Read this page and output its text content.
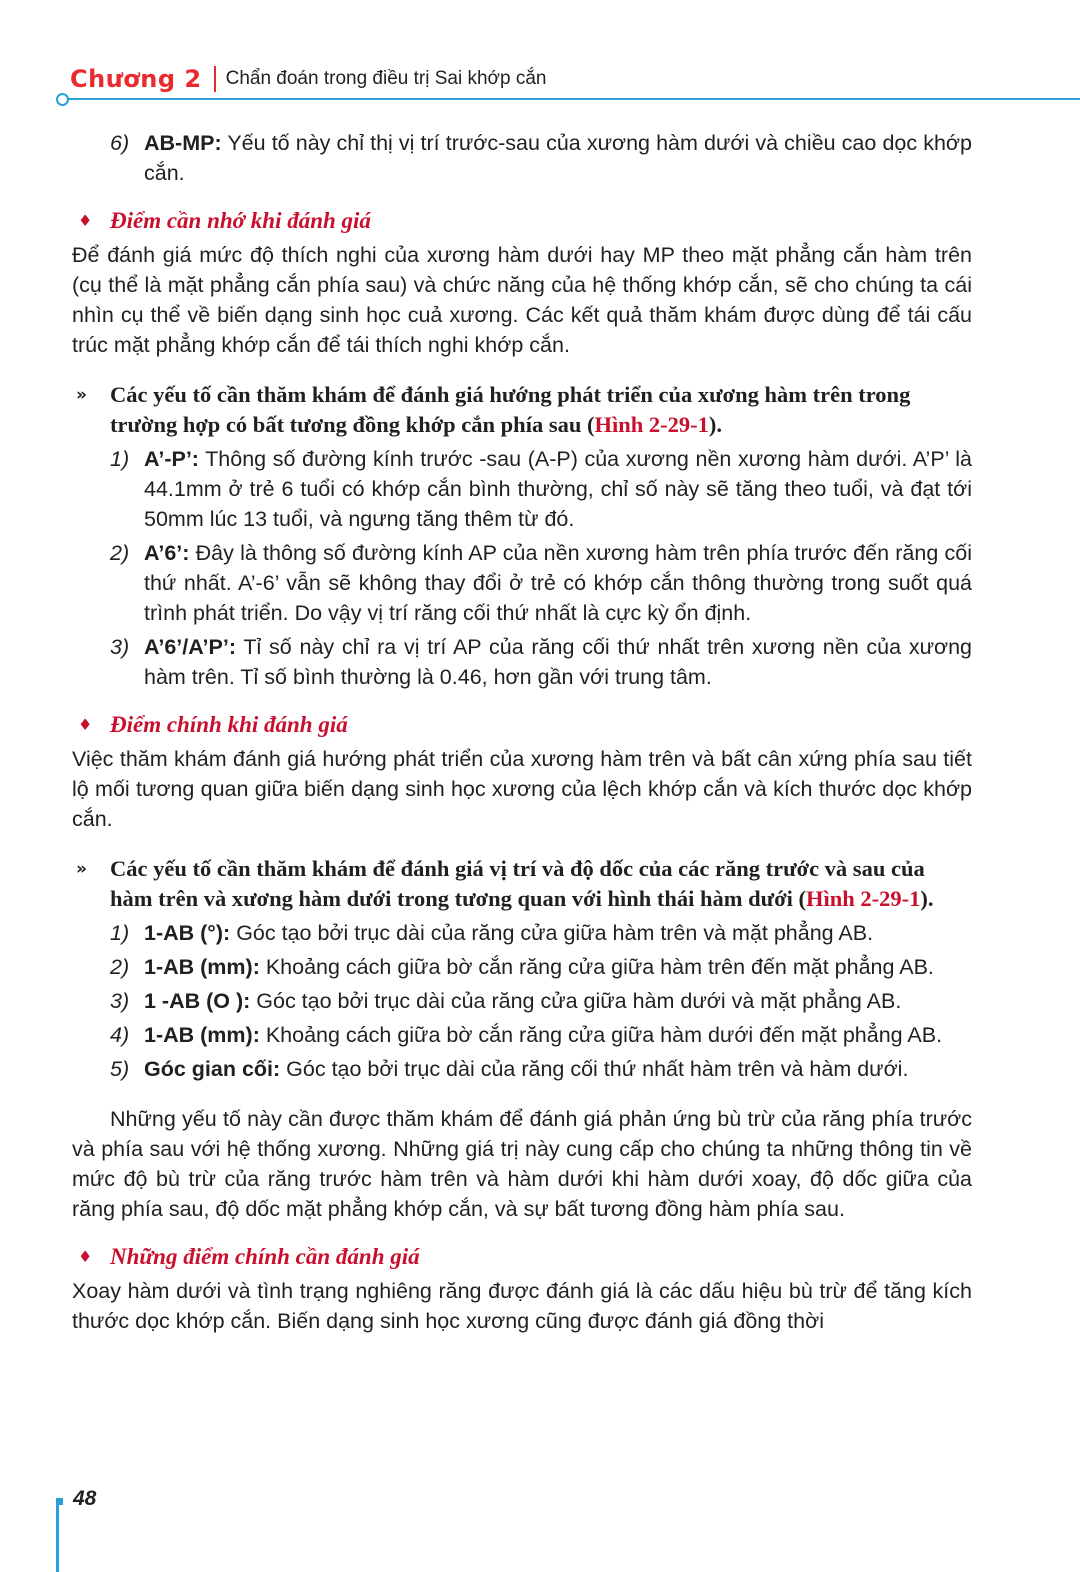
Chương 2 Chẩn đoán trong điều trị Sai khớp cắn
6) AB-MP: Yếu tố này chỉ thị vị trí trước-sau của xương hàm dưới và chiều cao dọc khớp cắn.
♦ Điểm cần nhớ khi đánh giá
Để đánh giá mức độ thích nghi của xương hàm dưới hay MP theo mặt phẳng cắn hàm trên (cụ thể là mặt phẳng cắn phía sau) và chức năng của hệ thống khớp cắn, sẽ cho chúng ta cái nhìn cụ thể về biến dạng sinh học cuả xương. Các kết quả thăm khám được dùng để tái cấu trúc mặt phẳng khớp cắn để tái thích nghi khớp cắn.
» Các yếu tố cần thăm khám để đánh giá hướng phát triển của xương hàm trên trong trường hợp có bất tương đồng khớp cắn phía sau (Hình 2-29-1).
1) A’-P’: Thông số đường kính trước -sau (A-P) của xương nền xương hàm dưới. A’P’ là 44.1mm ở trẻ 6 tuổi có khớp cắn bình thường, chỉ số này sẽ tăng theo tuổi, và đạt tới 50mm lúc 13 tuổi, và ngưng tăng thêm từ đó.
2) A’6’: Đây là thông số đường kính AP của nền xương hàm trên phía trước đến răng cối thứ nhất. A’-6’ vẫn sẽ không thay đổi ở trẻ có khớp cắn thông thường trong suốt quá trình phát triển. Do vậy vị trí răng cối thứ nhất là cực kỳ ổn định.
3) A’6’/A’P’: Tỉ số này chỉ ra vị trí AP của răng cối thứ nhất trên xương nền của xương hàm trên. Tỉ số bình thường là 0.46, hơn gần với trung tâm.
♦ Điểm chính khi đánh giá
Việc thăm khám đánh giá hướng phát triển của xương hàm trên và bất cân xứng phía sau tiết lộ mối tương quan giữa biến dạng sinh học xương của lệch khớp cắn và kích thước dọc khớp cắn.
» Các yếu tố cần thăm khám để đánh giá vị trí và độ dốc của các răng trước và sau của hàm trên và xương hàm dưới trong tương quan với hình thái hàm dưới (Hình 2-29-1).
1) 1-AB (°): Góc tạo bởi trục dài của răng cửa giữa hàm trên và mặt phẳng AB.
2) 1-AB (mm): Khoảng cách giữa bờ cắn răng cửa giữa hàm trên đến mặt phẳng AB.
3) 1 -AB (O ): Góc tạo bởi trục dài của răng cửa giữa hàm dưới và mặt phẳng AB.
4) 1-AB (mm): Khoảng cách giữa bờ cắn răng cửa giữa hàm dưới đến mặt phẳng AB.
5) Góc gian cối: Góc tạo bởi trục dài của răng cối thứ nhất hàm trên và hàm dưới.
Những yếu tố này cần được thăm khám để đánh giá phản ứng bù trừ của răng phía trước và phía sau với hệ thống xương. Những giá trị này cung cấp cho chúng ta những thông tin về mức độ bù trừ của răng trước hàm trên và hàm dưới khi hàm dưới xoay, độ dốc giữa của răng phía sau, độ dốc mặt phẳng khớp cắn, và sự bất tương đồng hàm phía sau.
♦ Những điểm chính cần đánh giá
Xoay hàm dưới và tình trạng nghiêng răng được đánh giá là các dấu hiệu bù trừ để tăng kích thước dọc khớp cắn. Biến dạng sinh học xương cũng được đánh giá đồng thời
48
